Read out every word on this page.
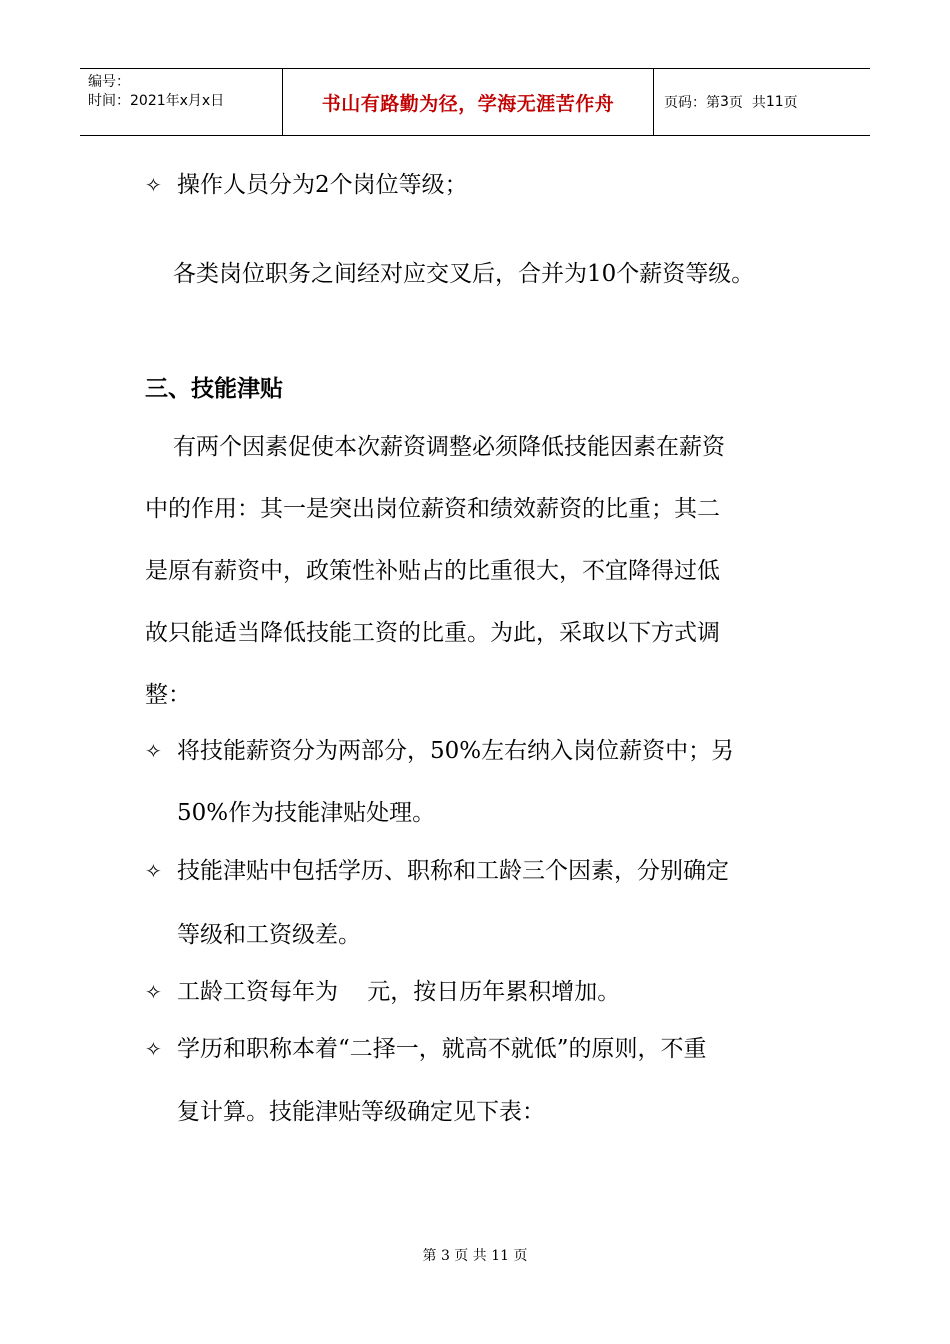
编号：
时间：2021年x月x日	书山有路勤为径，学海无涯苦作舟	页码：第 3 页  共 11 页
✧ 操作人员分为2个岗位等级；
各类岗位职务之间经对应交叉后，合并为10个薪资等级。
三、技能津贴
有两个因素促使本次薪资调整必须降低技能因素在薪资
中的作用：其一是突出岗位薪资和绩效薪资的比重；其二
是原有薪资中，政策性补贴占的比重很大，不宜降得过低
故只能适当降低技能工资的比重。为此，采取以下方式调
整：
✧ 将技能薪资分为两部分，50%左右纳入岗位薪资中；另
50%作为技能津贴处理。
✧ 技能津贴中包括学历、职称和工龄三个因素，分别确定
等级和工资级差。
✧ 工龄工资每年为    元，按日历年累积增加。
✧ 学历和职称本着“二择一，就高不就低”的原则，不重
复计算。技能津贴等级确定见下表：
第 3 页 共 11 页
